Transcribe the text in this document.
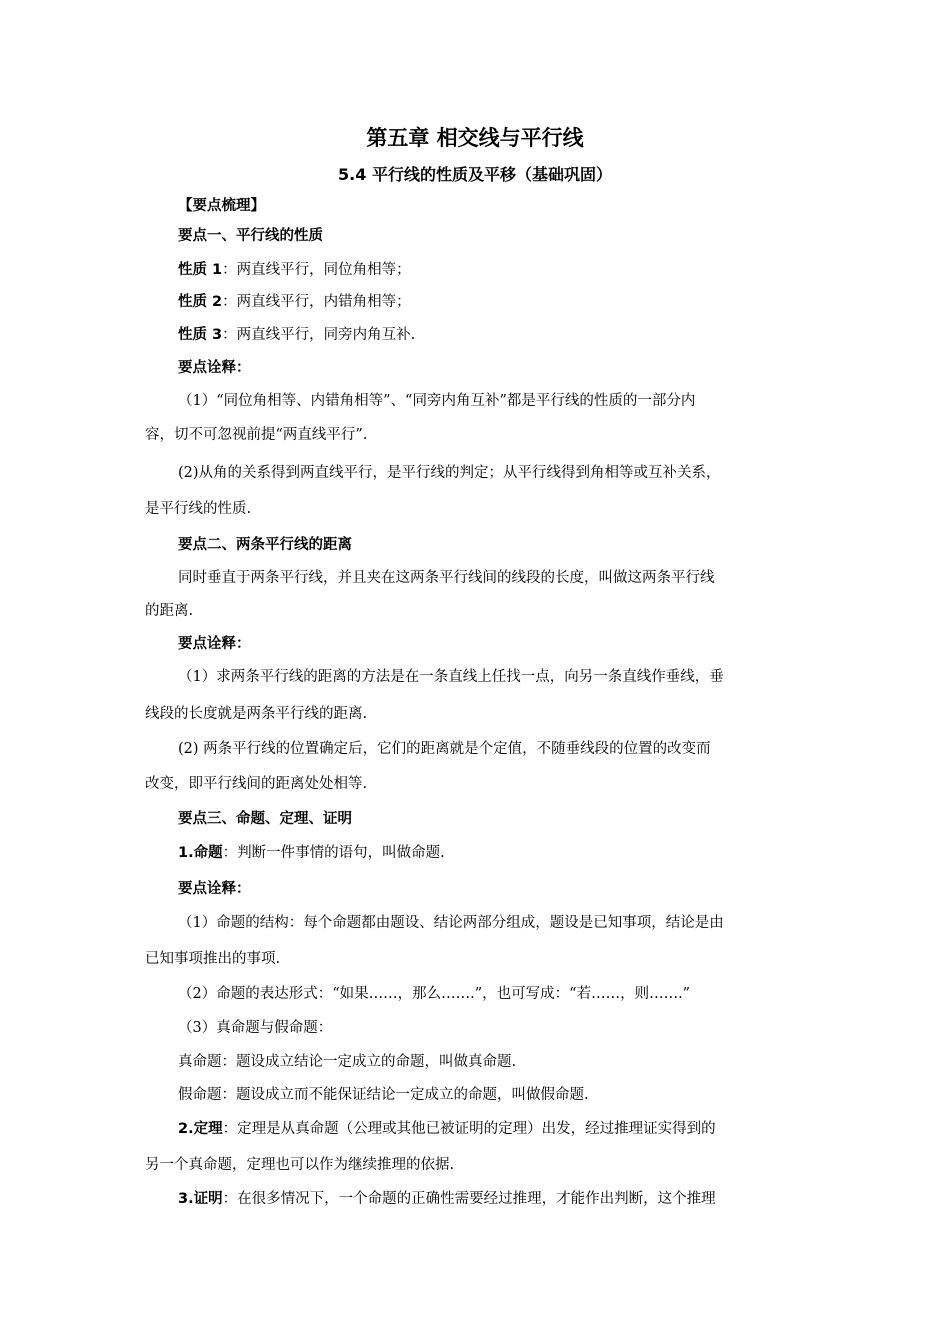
第五章 相交线与平行线
5.4 平行线的性质及平移（基础巩固）
【要点梳理】
要点一、平行线的性质
性质 1：两直线平行，同位角相等；
性质 2：两直线平行，内错角相等；
性质 3：两直线平行，同旁内角互补.
要点诠释：
（1）“同位角相等、内错角相等”、“同旁内角互补”都是平行线的性质的一部分内
容，切不可忽视前提“两直线平行”.
(2)从角的关系得到两直线平行，是平行线的判定；从平行线得到角相等或互补关系，
是平行线的性质.
要点二、两条平行线的距离
同时垂直于两条平行线，并且夹在这两条平行线间的线段的长度，叫做这两条平行线
的距离.
要点诠释：
（1）求两条平行线的距离的方法是在一条直线上任找一点，向另一条直线作垂线，垂
线段的长度就是两条平行线的距离.
(2) 两条平行线的位置确定后，它们的距离就是个定值，不随垂线段的位置的改变而
改变，即平行线间的距离处处相等.
要点三、命题、定理、证明
1.命题：判断一件事情的语句，叫做命题.
要点诠释：
（1）命题的结构：每个命题都由题设、结论两部分组成，题设是已知事项，结论是由
已知事项推出的事项.
（2）命题的表达形式：“如果……，那么…….”，也可写成：“若……，则…….”
（3）真命题与假命题：
真命题：题设成立结论一定成立的命题，叫做真命题.
假命题：题设成立而不能保证结论一定成立的命题，叫做假命题.
2.定理：定理是从真命题（公理或其他已被证明的定理）出发，经过推理证实得到的
另一个真命题，定理也可以作为继续推理的依据.
3.证明：在很多情况下，一个命题的正确性需要经过推理，才能作出判断，这个推理
